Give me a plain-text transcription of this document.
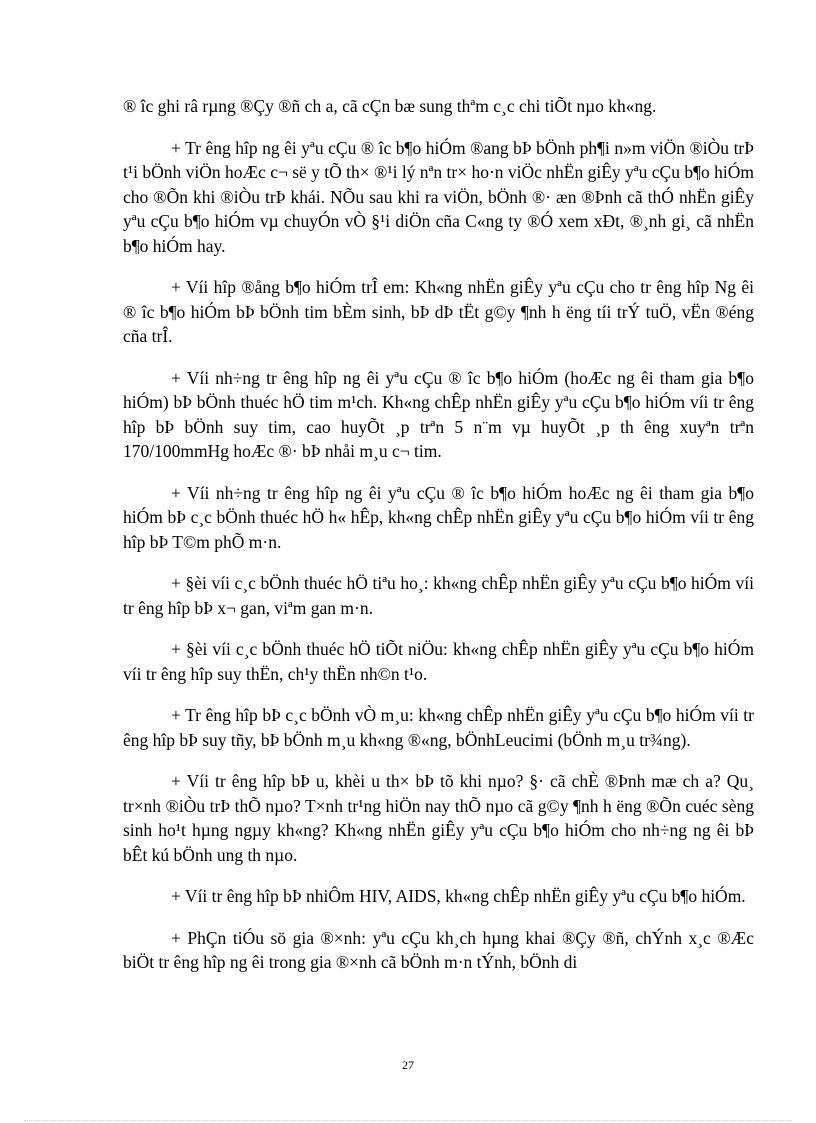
® îc ghi râ rµng ®Çy ®ñ ch a, cã cÇn bæ sung thªm c¸c chi tiÕt nµo kh«ng.

+ Tr êng hîp ng êi yªu cÇu ® îc b¶o hiÓm ®ang bÞ bÖnh ph¶i n»m viÖn ®iÒu trÞ t¹i bÖnh viÖn hoÆc c¬ së y tÕ th× ®¹i lý nªn tr× ho·n viÖc nhËn giÊy yªu cÇu b¶o hiÓm cho ®Õn khi ®iÒu trÞ khái. NÕu sau khi ra viÖn, bÖnh ®· æn ®Þnh cã thÓ nhËn giÊy yªu cÇu b¶o hiÓm vµ chuyÓn vÒ §¹i diÖn cña C«ng ty ®Ó xem xÐt, ®¸nh gi¸ cã nhËn b¶o hiÓm hay.

+ Víi hîp ®ång b¶o hiÓm trÎ em: Kh«ng nhËn giÊy yªu cÇu cho tr êng hîp Ng êi ® îc b¶o hiÓm bÞ bÖnh tim bÈm sinh, bÞ dÞ tËt g©y ¶nh h ëng tíi trÝ tuÖ, vËn ®éng cña trÎ.

+ Víi nh÷ng tr êng hîp ng êi yªu cÇu ® îc b¶o hiÓm (hoÆc ng êi tham gia b¶o hiÓm) bÞ bÖnh thuéc hÖ tim m¹ch. Kh«ng chÊp nhËn giÊy yªu cÇu b¶o hiÓm víi tr êng hîp bÞ bÖnh suy tim, cao huyÕt ¸p trªn 5 n¨m vµ huyÕt ¸p th êng xuyªn trªn 170/100mmHg hoÆc ®· bÞ nhåi m¸u c¬ tim.

+ Víi nh÷ng tr êng hîp ng êi yªu cÇu ® îc b¶o hiÓm hoÆc ng êi tham gia b¶o hiÓm bÞ c¸c bÖnh thuéc hÖ h« hÊp, kh«ng chÊp nhËn giÊy yªu cÇu b¶o hiÓm víi tr êng hîp bÞ T©m phÕ m·n.

+ §èi víi c¸c bÖnh thuéc hÖ tiªu ho¸: kh«ng chÊp nhËn giÊy yªu cÇu b¶o hiÓm víi tr êng hîp bÞ x¬ gan, viªm gan m·n.

+ §èi víi c¸c bÖnh thuéc hÖ tiÕt niÖu: kh«ng chÊp nhËn giÊy yªu cÇu b¶o hiÓm víi tr êng hîp suy thËn, ch¹y thËn nh©n t¹o.

+ Tr êng hîp bÞ c¸c bÖnh vÒ m¸u: kh«ng chÊp nhËn giÊy yªu cÇu b¶o hiÓm víi tr êng hîp bÞ suy tñy, bÞ bÖnh m¸u kh«ng ®«ng, bÖnhLeucimi (bÖnh m¸u tr¾ng).

+ Víi tr êng hîp bÞ u, khèi u th× bÞ tõ khi nµo? §· cã chÈ ®Þnh mæ ch a? Qu¸ tr×nh ®iÒu trÞ thÕ nµo? T×nh tr¹ng hiÖn nay thÕ nµo cã g©y ¶nh h ëng ®Õn cuéc sèng sinh ho¹t hµng ngµy kh«ng? Kh«ng nhËn giÊy yªu cÇu b¶o hiÓm cho nh÷ng ng êi bÞ bÊt kú bÖnh ung th nµo.

+ Víi tr êng hîp bÞ nhiÔm HIV, AIDS, kh«ng chÊp nhËn giÊy yªu cÇu b¶o hiÓm.

+ PhÇn tiÓu sö gia ®×nh: yªu cÇu kh¸ch hµng khai ®Çy ®ñ, chÝnh x¸c ®Æc biÖt tr êng hîp ng êi trong gia ®×nh cã bÖnh m·n tÝnh, bÖnh di

27
